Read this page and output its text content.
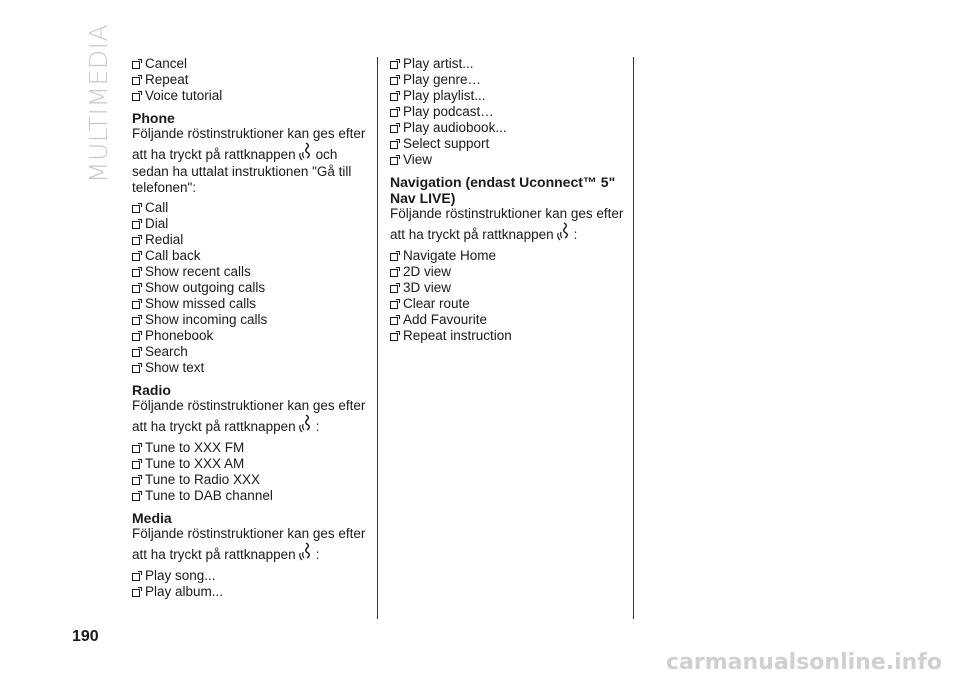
MULTIMEDIA Cancel
Repeat
Voice tutorial
Phone
Följande röstinstruktioner kan ges efter
att ha tryckt på rattknappen och
sedan ha uttalat instruktionen "Gå till
telefonen":
Call
Dial
Redial
Call back
Show recent calls
Show outgoing calls
Show missed calls
Show incoming calls
Phonebook
Search
Show text
Radio
Följande röstinstruktioner kan ges efter
att ha tryckt på rattknappen :
Tune to XXX FM
Tune to XXX AM
Tune to Radio XXX
Tune to DAB channel
Media
Följande röstinstruktioner kan ges efter
att ha tryckt på rattknappen :
Play song...
Play album...
Play artist...
Play genre…
Play playlist...
Play podcast…
Play audiobook...
Select support
View
Navigation (endast Uconnect™ 5"
Nav LIVE)
Följande röstinstruktioner kan ges efter
att ha tryckt på rattknappen :
Navigate Home
2D view
3D view
Clear route
Add Favourite
Repeat instruction
190
carmanualsonline.info
